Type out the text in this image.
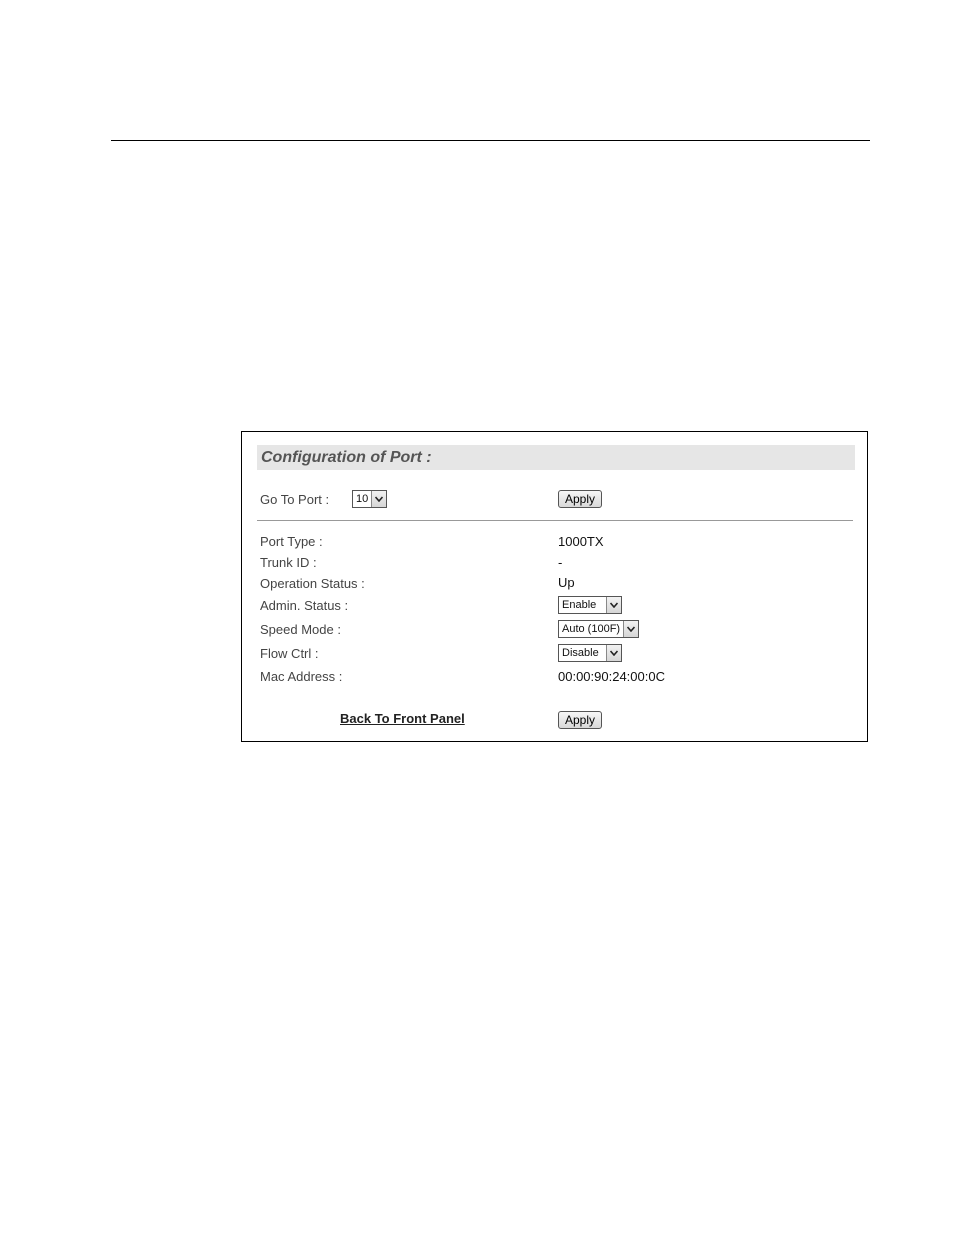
Configuration of Port :
Go To Port : 10	Apply
Port Type :	1000TX
Trunk ID :	-
Operation Status :	Up
Admin. Status :	Enable
Speed Mode :	Auto (100F)
Flow Ctrl :	Disable
Mac Address :	00:00:90:24:00:0C
Back To Front Panel	Apply
